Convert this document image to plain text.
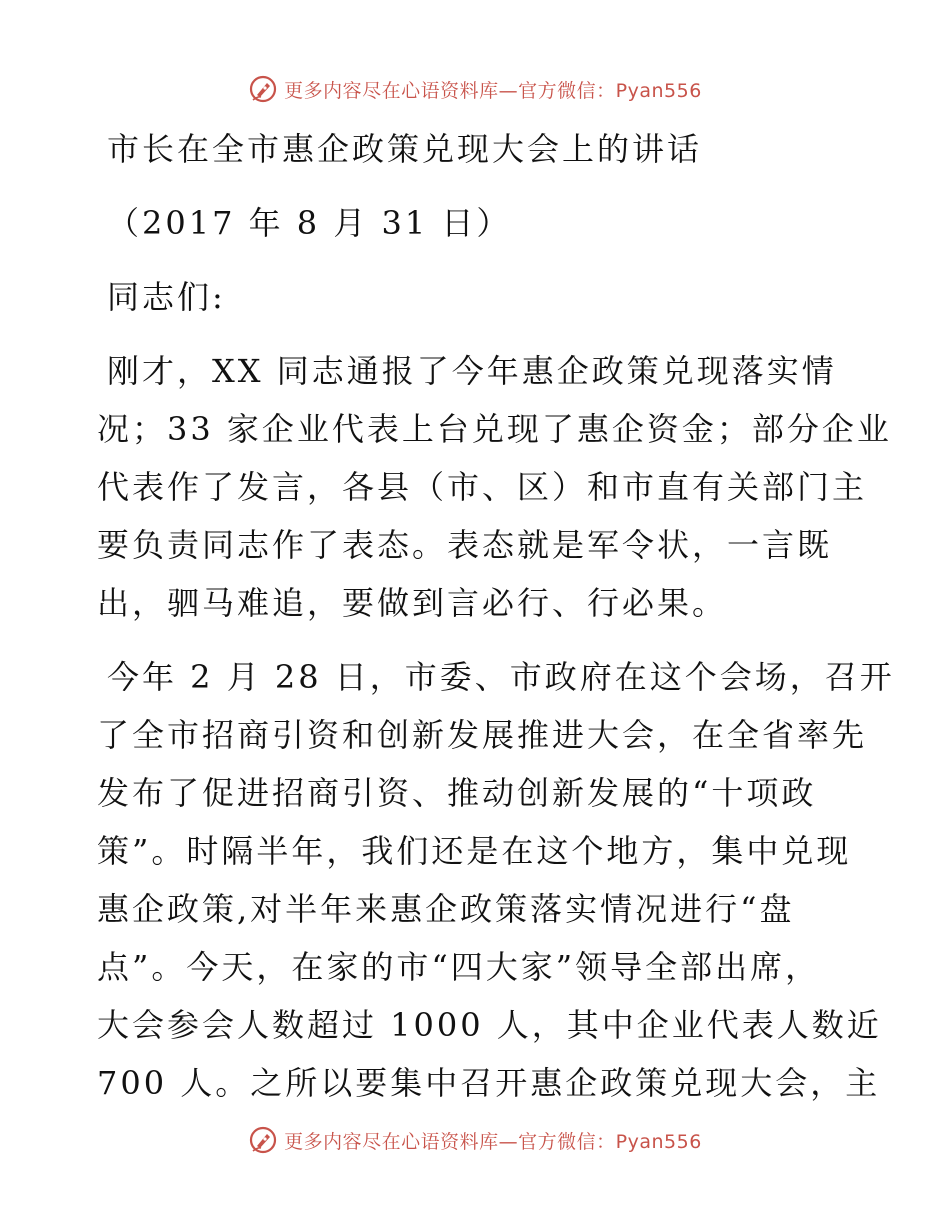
更多内容尽在心语资料库—官方微信：Pyan556
市长在全市惠企政策兑现大会上的讲话
（2017 年 8 月 31 日）
同志们:
刚才，XX 同志通报了今年惠企政策兑现落实情
况；33 家企业代表上台兑现了惠企资金；部分企业
代表作了发言，各县（市、区）和市直有关部门主
要负责同志作了表态。表态就是军令状，一言既
出，驷马难追，要做到言必行、行必果。
今年 2 月 28 日，市委、市政府在这个会场，召开
了全市招商引资和创新发展推进大会，在全省率先
发布了促进招商引资、推动创新发展的“十项政
策”。时隔半年，我们还是在这个地方，集中兑现
惠企政策,对半年来惠企政策落实情况进行“盘
点”。今天，在家的市“四大家”领导全部出席，
大会参会人数超过 1000 人，其中企业代表人数近
700 人。之所以要集中召开惠企政策兑现大会，主
更多内容尽在心语资料库—官方微信：Pyan556
